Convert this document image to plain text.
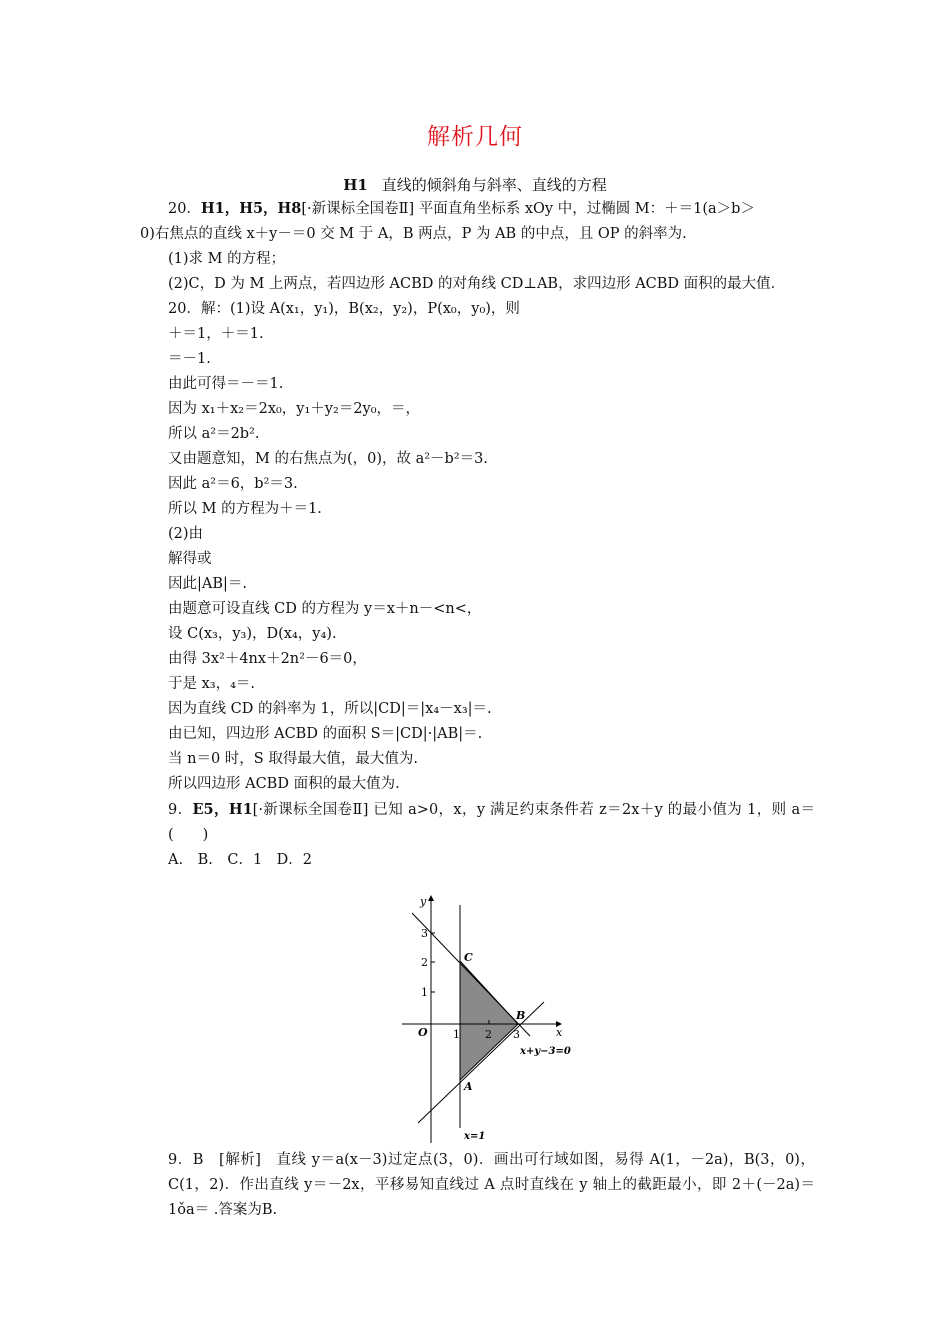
解析几何
H1 直线的倾斜角与斜率、直线的方程

20．H1，H5，H8[·新课标全国卷Ⅱ] 平面直角坐标系 xOy 中，过椭圆 M：＋＝1(a＞b＞

0)右焦点的直线 x＋y－＝0 交 M 于 A，B 两点，P 为 AB 的中点，且 OP 的斜率为.

(1)求 M 的方程；

(2)C，D 为 M 上两点，若四边形 ACBD 的对角线 CD⊥AB，求四边形 ACBD 面积的最大值．

20．解：(1)设 A(x₁，y₁)，B(x₂，y₂)，P(x₀，y₀)，则

＋＝1，＋＝1.

＝－1.

由此可得＝－＝1.

因为 x₁＋x₂＝2x₀，y₁＋y₂＝2y₀，＝，

所以 a²＝2b².

又由题意知，M 的右焦点为(，0)，故 a²－b²＝3.

因此 a²＝6，b²＝3.

所以 M 的方程为＋＝1.

(2)由

解得或

因此|AB|＝.

由题意可设直线 CD 的方程为 y＝x＋n－<n<，

设 C(x₃，y₃)，D(x₄，y₄).

由得 3x²＋4nx＋2n²－6＝0，

于是 x₃，₄＝.

因为直线 CD 的斜率为 1，所以|CD|＝|x₄－x₃|＝.

由已知，四边形 ACBD 的面积 S＝|CD|·|AB|＝.

当 n＝0 时，S 取得最大值，最大值为.

所以四边形 ACBD 面积的最大值为.

9．E5，H1[·新课标全国卷Ⅱ] 已知 a>0，x，y 满足约束条件若 z＝2x＋y 的最小值为 1，则 a＝(　　)

A.　B.　C．1　D．2

y
x
O
3
2
1
1 2 3
C
B
A
x+y−3=0
x=1

9．B　[解析]　直线 y＝a(x－3)过定点(3，0)．画出可行域如图，易得 A(1，－2a)，B(3，0)，C(1，2)．作出直线 y＝－2x，平移易知直线过 A 点时直线在 y 轴上的截距最小，即 2＋(－2a)＝1ǒa＝ .答案为B.
